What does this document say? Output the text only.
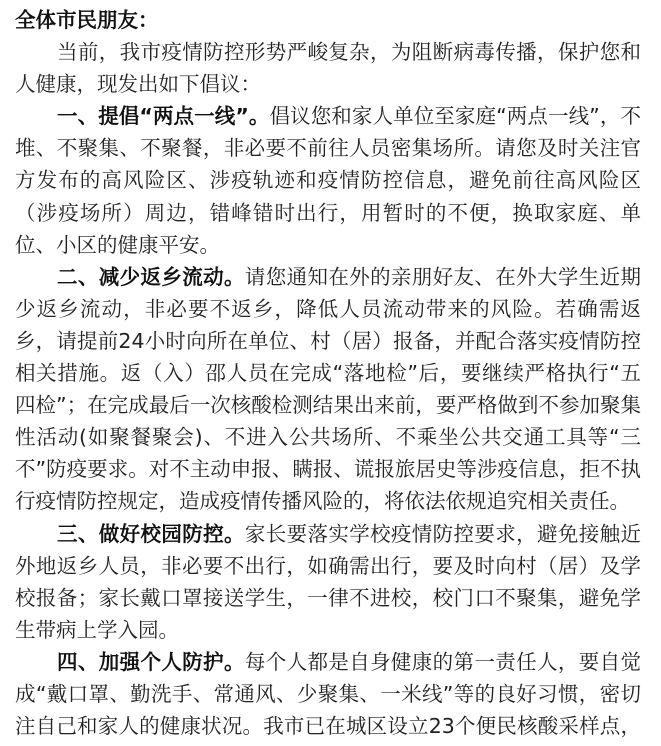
全体市民朋友：
当前，我市疫情防控形势严峻复杂，为阻断病毒传播，保护您和
人健康，现发出如下倡议：
一、提倡“两点一线”。倡议您和家人单位至家庭“两点一线”，不
堆、不聚集、不聚餐，非必要不前往人员密集场所。请您及时关注官
方发布的高风险区、涉疫轨迹和疫情防控信息，避免前往高风险区
（涉疫场所）周边，错峰错时出行，用暂时的不便，换取家庭、单
位、小区的健康平安。
二、减少返乡流动。请您通知在外的亲朋好友、在外大学生近期
少返乡流动，非必要不返乡，降低人员流动带来的风险。若确需返
乡，请提前24小时向所在单位、村（居）报备，并配合落实疫情防控
相关措施。返（入）邵人员在完成“落地检”后，要继续严格执行“五
四检”；在完成最后一次核酸检测结果出来前，要严格做到不参加聚集
性活动(如聚餐聚会)、不进入公共场所、不乘坐公共交通工具等“三
不”防疫要求。对不主动申报、瞒报、谎报旅居史等涉疫信息，拒不执
行疫情防控规定，造成疫情传播风险的，将依法依规追究相关责任。
三、做好校园防控。家长要落实学校疫情防控要求，避免接触近
外地返乡人员，非必要不出行，如确需出行，要及时向村（居）及学
校报备；家长戴口罩接送学生，一律不进校，校门口不聚集，避免学
生带病上学入园。
四、加强个人防护。每个人都是自身健康的第一责任人，要自觉
成“戴口罩、勤洗手、常通风、少聚集、一米线”等的良好习惯，密切
注自己和家人的健康状况。我市已在城区设立23个便民核酸采样点，
